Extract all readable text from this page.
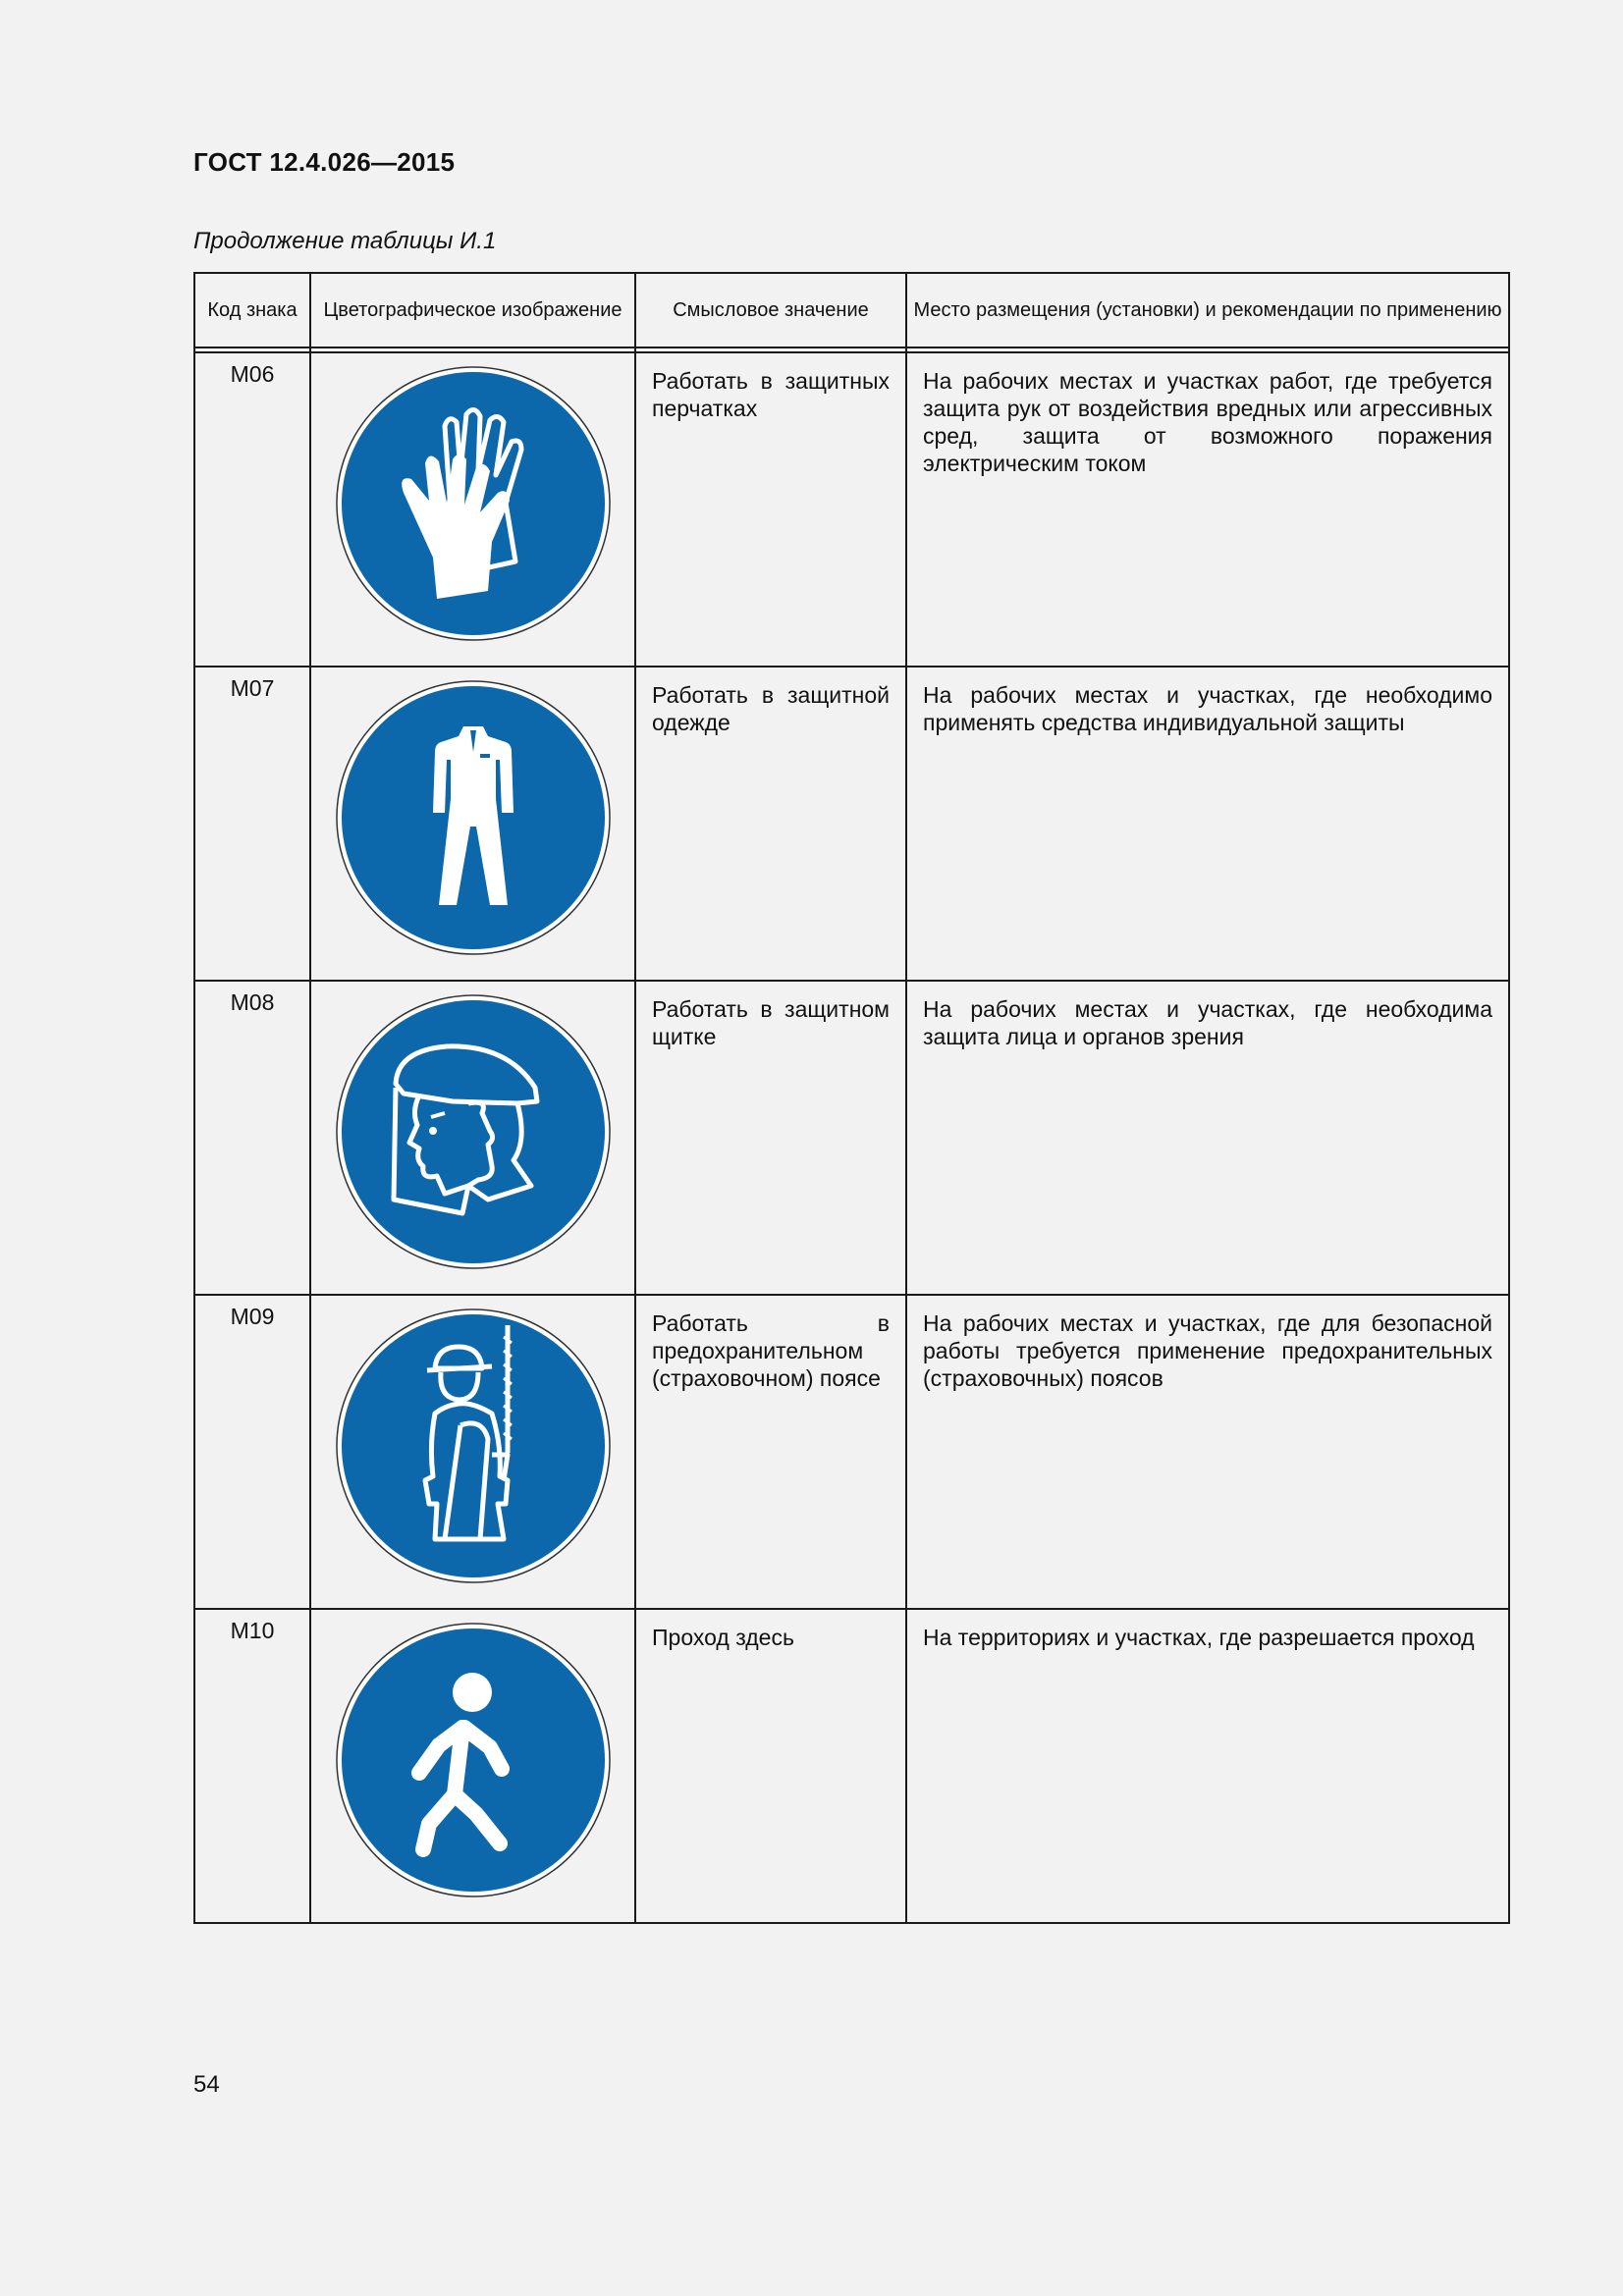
ГОСТ 12.4.026—2015
Продолжение таблицы И.1
Код знака	Цветографическое изображение	Смысловое значение	Место размещения (установки) и рекомендации по применению

M06		Работать в защитных перчатках	На рабочих местах и участках работ, где требуется защита рук от воздействия вредных или агрессивных сред, защита от возможного поражения электрическим током
M07		Работать в защитной одежде	На рабочих местах и участках, где необходимо применять средства индивидуальной защиты
M08		Работать в защитном щитке	На рабочих местах и участках, где необходима защита лица и органов зрения
M09		Работать в предохранительном (страховочном) поясе	На рабочих местах и участках, где для безопасной работы требуется применение предохранительных (страховочных) поясов
M10		Проход здесь	На территориях и участках, где разрешается проход
54
